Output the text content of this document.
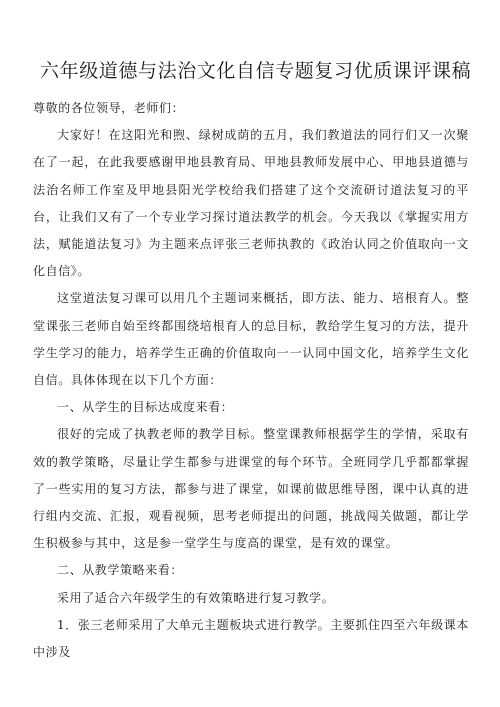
六年级道德与法治文化自信专题复习优质课评课稿

尊敬的各位领导，老师们：

大家好！在这阳光和煦、绿树成荫的五月，我们教道法的同行们又一次聚在了一起，在此我要感谢甲地县教育局、甲地县教师发展中心、甲地县道德与法治名师工作室及甲地县阳光学校给我们搭建了这个交流研讨道法复习的平台，让我们又有了一个专业学习探讨道法教学的机会。今天我以《掌握实用方法，赋能道法复习》为主题来点评张三老师执教的《政治认同之价值取向一文化自信》。

这堂道法复习课可以用几个主题词来概括，即方法、能力、培根育人。整堂课张三老师自始至终都围绕培根育人的总目标，教给学生复习的方法，提升学生学习的能力，培养学生正确的价值取向一一认同中国文化，培养学生文化自信。具体体现在以下几个方面：

一、从学生的目标达成度来看：

很好的完成了执教老师的教学目标。整堂课教师根据学生的学情，采取有效的教学策略，尽量让学生都参与进课堂的每个环节。全班同学几乎都都掌握了一些实用的复习方法，都参与进了课堂，如课前做思维导图，课中认真的进行组内交流、汇报，观看视频，思考老师提出的问题，挑战闯关做题，都让学生积极参与其中，这是参一堂学生与度高的课堂，是有效的课堂。

二、从教学策略来看：

采用了适合六年级学生的有效策略进行复习教学。

1．张三老师采用了大单元主题板块式进行教学。主要抓住四至六年级课本中涉及
